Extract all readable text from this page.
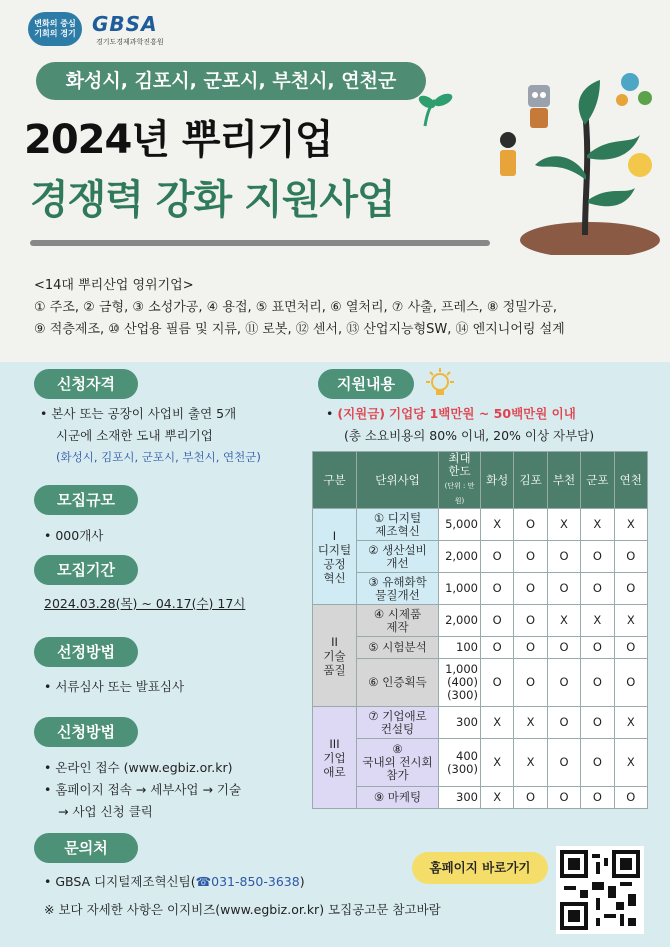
변화의 중심
기회의 경기 GBSA
경기도경제과학진흥원
화성시, 김포시, 군포시, 부천시, 연천군
2024년 뿌리기업
경쟁력 강화 지원사업
<14대 뿌리산업 영위기업>
① 주조, ② 금형, ③ 소성가공, ④ 용접, ⑤ 표면처리, ⑥ 열처리, ⑦ 사출, 프레스, ⑧ 정밀가공,
⑨ 적층제조, ⑩ 산업용 필름 및 지류, ⑪ 로봇, ⑫ 센서, ⑬ 산업지능형SW, ⑭ 엔지니어링 설계
신청자격
• 본사 또는 공장이 사업비 출연 5개
시군에 소재한 도내 뿌리기업
(화성시, 김포시, 군포시, 부천시, 연천군)
모집규모
• 000개사
모집기간
2024.03.28(목) ~ 04.17(수) 17시
선정방법
• 서류심사 또는 발표심사
신청방법
• 온라인 접수 (www.egbiz.or.kr)
• 홈페이지 접속 → 세부사업 → 기술
→ 사업 신청 클릭
문의처
• GBSA 디지털제조혁신팀(☎031-850-3638)
※ 보다 자세한 사항은 이지비즈(www.egbiz.or.kr) 모집공고문 참고바람
지원내용
• (지원금) 기업당 1백만원 ~ 50백만원 이내
(총 소요비용의 80% 이내, 20% 이상 자부담)
구분	단위사업	최대
한도
(단위 : 만원)	화성	김포	부천	군포	연천
I
디지털
공정
혁신	① 디지털
제조혁신	5,000	X	O	X	X	X
	② 생산설비
개선	2,000	O	O	O	O	O
	③ 유해화학
물질개선	1,000	O	O	O	O	O
II
기술
품질	④ 시제품
제작	2,000	O	O	X	X	X
	⑤ 시험분석	100	O	O	O	O	O
	⑥ 인증획득	1,000
(400)
(300)	O	O	O	O	O
III
기업
애로	⑦ 기업애로
컨설팅	300	X	X	O	O	X
	⑧
국내외 전시회
참가	400
(300)	X	X	O	O	X
	⑨ 마케팅	300	X	O	O	O	O
홈페이지 바로가기
